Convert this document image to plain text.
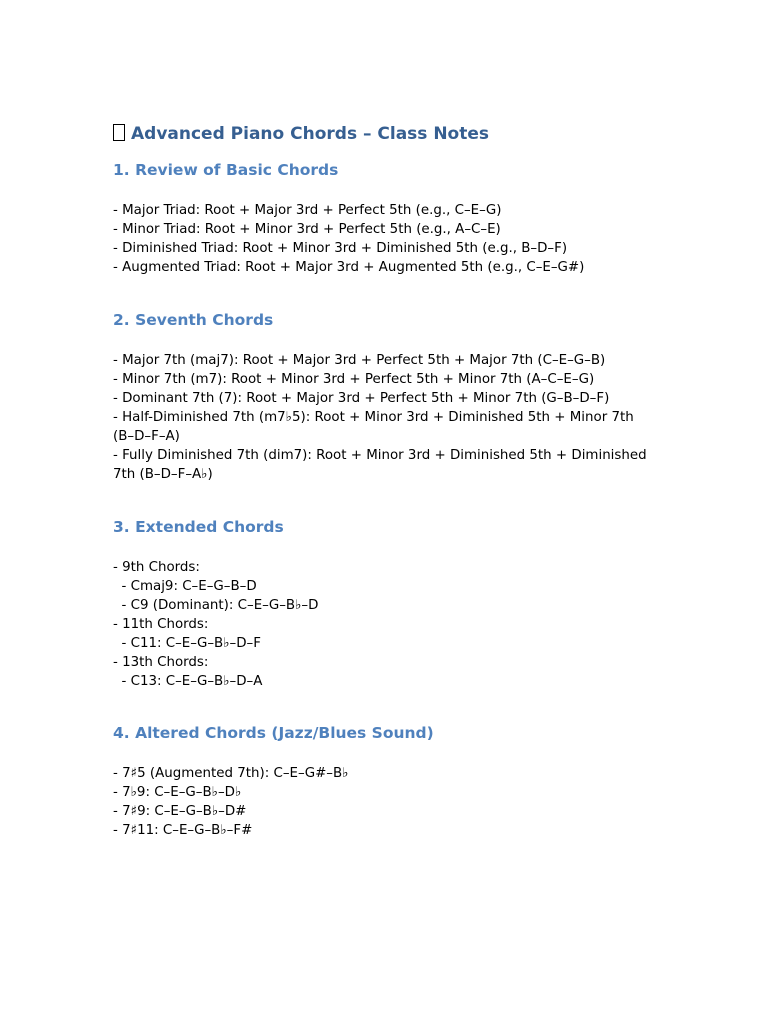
Advanced Piano Chords – Class Notes
1. Review of Basic Chords
- Major Triad: Root + Major 3rd + Perfect 5th (e.g., C–E–G)
- Minor Triad: Root + Minor 3rd + Perfect 5th (e.g., A–C–E)
- Diminished Triad: Root + Minor 3rd + Diminished 5th (e.g., B–D–F)
- Augmented Triad: Root + Major 3rd + Augmented 5th (e.g., C–E–G#)
2. Seventh Chords
- Major 7th (maj7): Root + Major 3rd + Perfect 5th + Major 7th (C–E–G–B)
- Minor 7th (m7): Root + Minor 3rd + Perfect 5th + Minor 7th (A–C–E–G)
- Dominant 7th (7): Root + Major 3rd + Perfect 5th + Minor 7th (G–B–D–F)
- Half-Diminished 7th (m7♭5): Root + Minor 3rd + Diminished 5th + Minor 7th (B–D–F–A)
- Fully Diminished 7th (dim7): Root + Minor 3rd + Diminished 5th + Diminished 7th (B–D–F–A♭)
3. Extended Chords
- 9th Chords:
- Cmaj9: C–E–G–B–D
- C9 (Dominant): C–E–G–B♭–D
- 11th Chords:
- C11: C–E–G–B♭–D–F
- 13th Chords:
- C13: C–E–G–B♭–D–A
4. Altered Chords (Jazz/Blues Sound)
- 7♯5 (Augmented 7th): C–E–G#–B♭
- 7♭9: C–E–G–B♭–D♭
- 7♯9: C–E–G–B♭–D#
- 7♯11: C–E–G–B♭–F#
